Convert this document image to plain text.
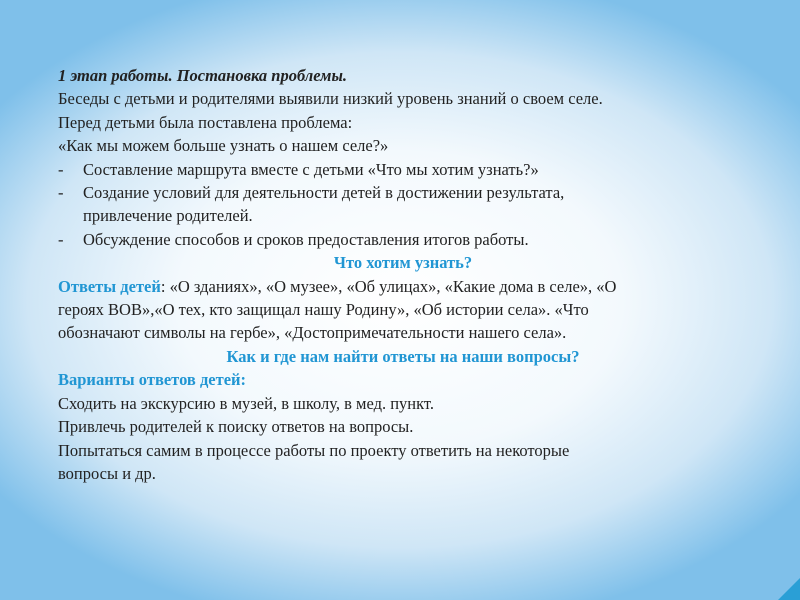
1 этап работы. Постановка проблемы.

Беседы с детьми и родителями выявили низкий уровень знаний о своем селе.

Перед детьми была поставлена проблема:

«Как мы можем больше узнать о нашем селе?»

- Составление маршрута вместе с детьми «Что мы хотим узнать?»
- Создание условий для деятельности детей в достижении результата,
привлечение родителей.
- Обсуждение способов и сроков предоставления итогов работы.

Что хотим узнать?

Ответы детей: «О зданиях», «О музее», «Об улицах», «Какие дома в селе», «О

героях ВОВ»,«О тех, кто защищал нашу Родину», «Об истории села». «Что

обозначают символы на гербе», «Достопримечательности нашего села».

Как и где нам найти ответы на наши вопросы?

Варианты ответов детей:

Сходить на экскурсию в музей, в школу, в мед. пункт.

Привлечь родителей к поиску ответов на вопросы.

Попытаться самим в процессе работы по проекту ответить на некоторые

вопросы и др.
